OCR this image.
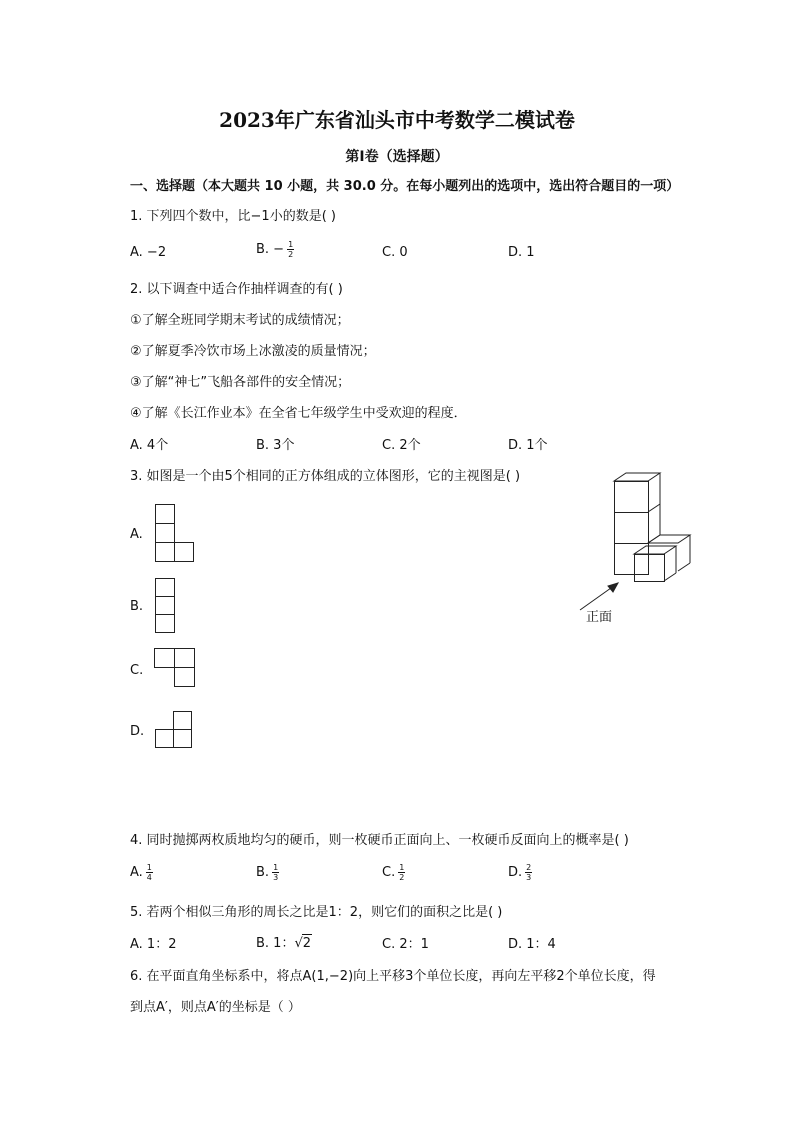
2023年广东省汕头市中考数学二模试卷
第Ⅰ卷（选择题）
一、选择题（本大题共 10 小题，共 30.0 分。在每小题列出的选项中，选出符合题目的一项）
1. 下列四个数中，比−1小的数是( )
A. −2	B. − $\frac{1}{2}$	C. 0	D. 1
2. 以下调查中适合作抽样调查的有( )
①了解全班同学期末考试的成绩情况；
②了解夏季冷饮市场上冰激凌的质量情况；
③了解“神七”飞船各部件的安全情况；
④了解《长江作业本》在全省七年级学生中受欢迎的程度．
A. 4个	B. 3个	C. 2个	D. 1个
3. 如图是一个由5个相同的正方体组成的立体图形，它的主视图是( )
A.
B.
C.
D.
正面
4. 同时抛掷两枚质地均匀的硬币，则一枚硬币正面向上、一枚硬币反面向上的概率是( )
A. $\frac{1}{4}$	B. $\frac{1}{3}$	C. $\frac{1}{2}$	D. $\frac{2}{3}$
5. 若两个相似三角形的周长之比是1：2，则它们的面积之比是( )
A. 1：2	B. 1：√2	C. 2：1	D. 1：4
6. 在平面直角坐标系中，将点A(1,−2)向上平移3个单位长度，再向左平移2个单位长度，得
到点A′，则点A′的坐标是（ ）
